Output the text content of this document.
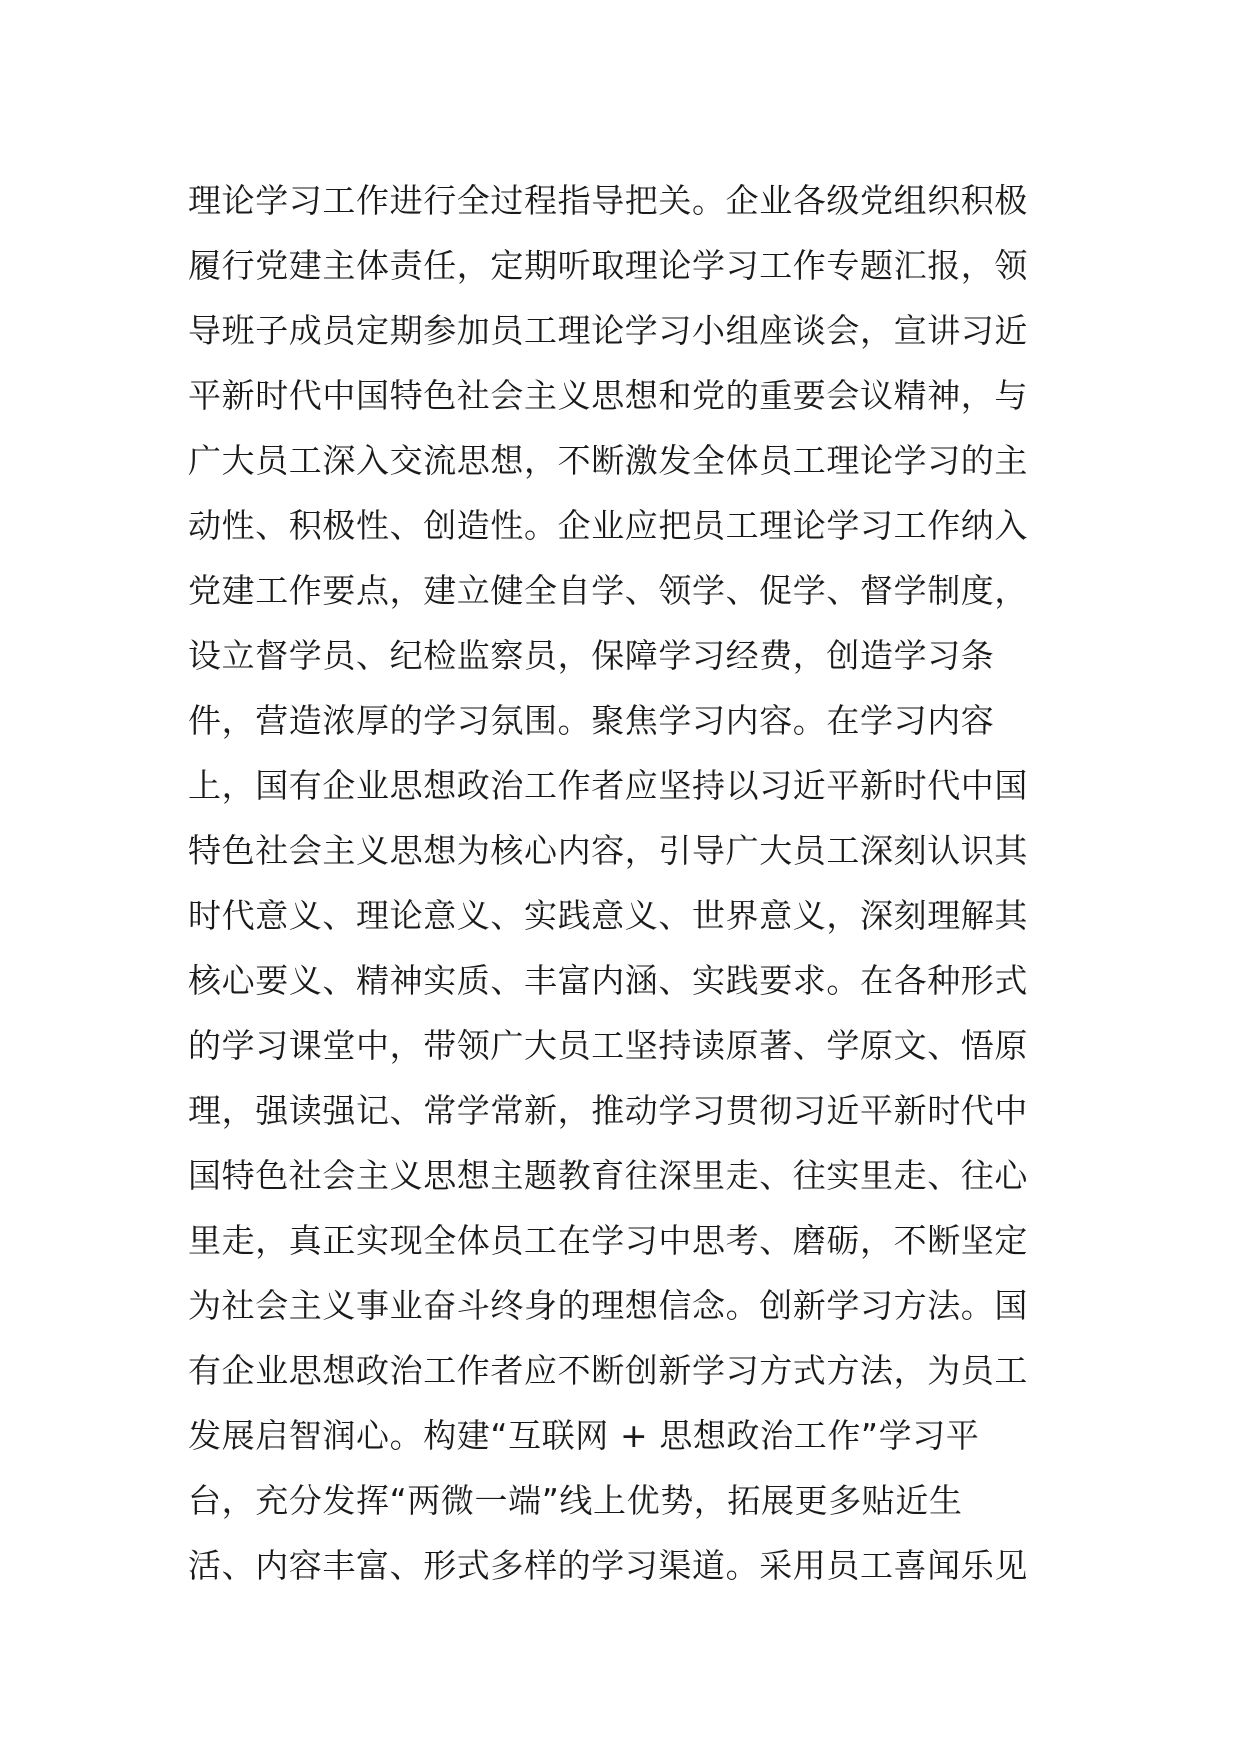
理论学习工作进行全过程指导把关。企业各级党组织积极
履行党建主体责任，定期听取理论学习工作专题汇报，领
导班子成员定期参加员工理论学习小组座谈会，宣讲习近
平新时代中国特色社会主义思想和党的重要会议精神，与
广大员工深入交流思想，不断激发全体员工理论学习的主
动性、积极性、创造性。企业应把员工理论学习工作纳入
党建工作要点，建立健全自学、领学、促学、督学制度，
设立督学员、纪检监察员，保障学习经费，创造学习条
件，营造浓厚的学习氛围。聚焦学习内容。在学习内容
上，国有企业思想政治工作者应坚持以习近平新时代中国
特色社会主义思想为核心内容，引导广大员工深刻认识其
时代意义、理论意义、实践意义、世界意义，深刻理解其
核心要义、精神实质、丰富内涵、实践要求。在各种形式
的学习课堂中，带领广大员工坚持读原著、学原文、悟原
理，强读强记、常学常新，推动学习贯彻习近平新时代中
国特色社会主义思想主题教育往深里走、往实里走、往心
里走，真正实现全体员工在学习中思考、磨砺，不断坚定
为社会主义事业奋斗终身的理想信念。创新学习方法。国
有企业思想政治工作者应不断创新学习方式方法，为员工
发展启智润心。构建“互联网 + 思想政治工作”学习平
台，充分发挥“两微一端”线上优势，拓展更多贴近生
活、内容丰富、形式多样的学习渠道。采用员工喜闻乐见
